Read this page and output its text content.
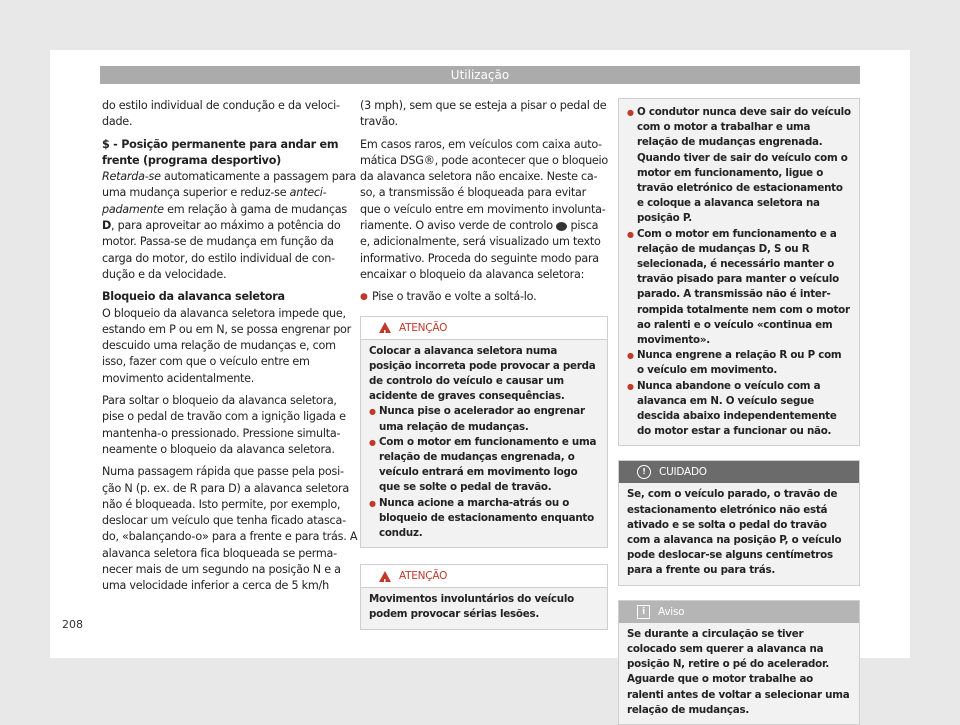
Utilização

do estilo individual de condução e da velocidade.

$ - Posição permanente para andar em frente (programa desportivo)

Retarda-se automaticamente a passagem para uma mudança superior e reduz-se antecipadamente em relação à gama de mudanças D, para aproveitar ao máximo a potência do motor. Passa-se de mudança em função da carga do motor, do estilo individual de condução e da velocidade.

Bloqueio da alavanca seletora

O bloqueio da alavanca seletora impede que, estando em P ou em N, se possa engrenar por descuido uma relação de mudanças e, com isso, fazer com que o veículo entre em movimento acidentalmente.

Para soltar o bloqueio da alavanca seletora, pise o pedal de travão com a ignição ligada e mantenha-o pressionado. Pressione simultaneamente o bloqueio da alavanca seletora.

Numa passagem rápida que passe pela posição N (p. ex. de R para D) a alavanca seletora não é bloqueada. Isto permite, por exemplo, deslocar um veículo que tenha ficado atascado, «balançando-o» para a frente e para trás. A alavanca seletora fica bloqueada se permanecer mais de um segundo na posição N e a uma velocidade inferior a cerca de 5 km/h

(3 mph), sem que se esteja a pisar o pedal de travão.

Em casos raros, em veículos com caixa automática DSG®, pode acontecer que o bloqueio da alavanca seletora não encaixe. Neste caso, a transmissão é bloqueada para evitar que o veículo entre em movimento involuntariamente. O aviso verde de controlo  pisca e, adicionalmente, será visualizado um texto informativo. Proceda do seguinte modo para encaixar o bloqueio da alavanca seletora:

● Pise o travão e volte a soltá-lo.

!
ATENÇÃO
Colocar a alavanca seletora numa posição incorreta pode provocar a perda de controlo do veículo e causar um acidente de graves consequências.
● Nunca pise o acelerador ao engrenar uma relação de mudanças.
● Com o motor em funcionamento e uma relação de mudanças engrenada, o veículo entrará em movimento logo que se solte o pedal de travão.
● Nunca acione a marcha-atrás ou o bloqueio de estacionamento enquanto conduz.
!
ATENÇÃO
Movimentos involuntários do veículo podem provocar sérias lesões.
● O condutor nunca deve sair do veículo com o motor a trabalhar e uma relação de mudanças engrenada. Quando tiver de sair do veículo com o motor em funcionamento, ligue o travão eletrónico de estacionamento e coloque a alavanca seletora na posição P.
● Com o motor em funcionamento e a relação de mudanças D, S ou R selecionada, é necessário manter o travão pisado para manter o veículo parado. A transmissão não é interrompida totalmente nem com o motor ao ralenti e o veículo «continua em movimento».
● Nunca engrene a relação R ou P com o veículo em movimento.
● Nunca abandone o veículo com a alavanca em N. O veículo segue descida abaixo independentemente do motor estar a funcionar ou não.
!	CUIDADO
Se, com o veículo parado, o travão de estacionamento eletrónico não está ativado e se solta o pedal do travão com a alavanca na posição P, o veículo pode deslocar-se alguns centímetros para a frente ou para trás.
i	Aviso
Se durante a circulação se tiver colocado sem querer a alavanca na posição N, retire o pé do acelerador. Aguarde que o motor trabalhe ao ralenti antes de voltar a selecionar uma relação de mudanças.
208
